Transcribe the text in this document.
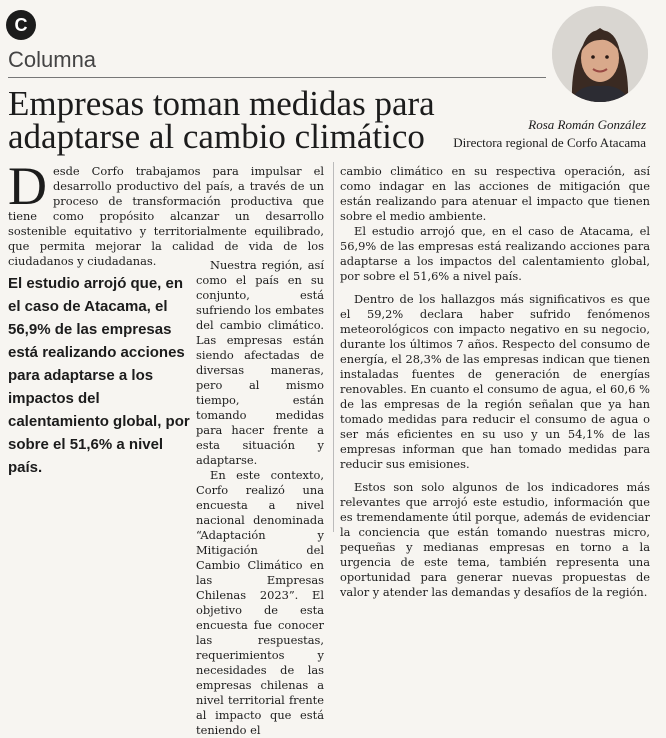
C
Columna
Empresas toman medidas para adaptarse al cambio climático	Rosa Román González
Directora regional de Corfo Atacama

Desde Corfo trabajamos para impulsar el desarrollo productivo del país, a través de un proceso de transformación productiva que tiene como propósito alcanzar un desarrollo sostenible equitativo y territorialmente equilibrado, que permita mejorar la calidad de vida de los ciudadanos y ciudadanas.

El estudio arrojó que, en el caso de Atacama, el 56,9% de las empresas está realizando acciones para adaptarse a los impactos del calentamiento global, por sobre el 51,6% a nivel país.

Nuestra región, así como el país en su conjunto, está sufriendo los embates del cambio climático. Las empresas están siendo afectadas de diversas maneras, pero al mismo tiempo, están tomando medidas para hacer frente a esta situación y adaptarse.

En este contexto, Corfo realizó una encuesta a nivel nacional denominada “Adaptación y Mitigación del Cambio Climático en las Empresas Chilenas 2023”. El objetivo de esta encuesta fue conocer las respuestas, requerimientos y necesidades de las empresas chilenas a nivel territorial frente al impacto que está teniendo el

cambio climático en su respectiva operación, así como indagar en las acciones de mitigación que están realizando para atenuar el impacto que tienen sobre el medio ambiente.

El estudio arrojó que, en el caso de Atacama, el 56,9% de las empresas está realizando acciones para adaptarse a los impactos del calentamiento global, por sobre el 51,6% a nivel país.

Dentro de los hallazgos más significativos es que el 59,2% declara haber sufrido fenómenos meteorológicos con impacto negativo en su negocio, durante los últimos 7 años. Respecto del consumo de energía, el 28,3% de las empresas indican que tienen instaladas fuentes de generación de energías renovables. En cuanto el consumo de agua, el 60,6 % de las empresas de la región señalan que ya han tomado medidas para reducir el consumo de agua o ser más eficientes en su uso y un 54,1% de las empresas informan que han tomado medidas para reducir sus emisiones.

Estos son solo algunos de los indicadores más relevantes que arrojó este estudio, información que es tremendamente útil porque, además de evidenciar la conciencia que están tomando nuestras micro, pequeñas y medianas empresas en torno a la urgencia de este tema, también representa una oportunidad para generar nuevas propuestas de valor y atender las demandas y desafíos de la región.
